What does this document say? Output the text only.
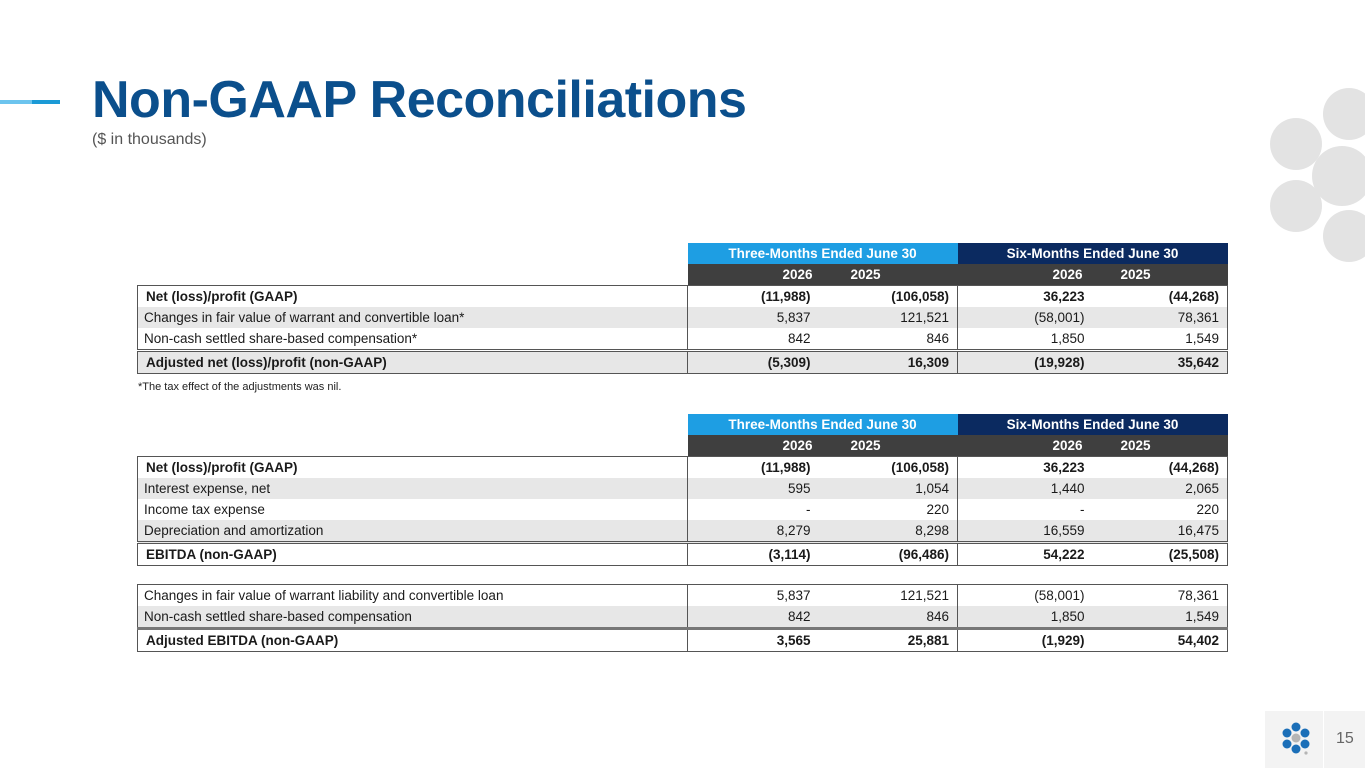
Non-GAAP Reconciliations
($ in thousands)
	Three-Months Ended June 30		Six-Months Ended June 30	
	2026	2025	2026	2025
Net (loss)/profit (GAAP)	(11,988)	(106,058)	36,223	(44,268)
Changes in fair value of warrant and convertible loan*	5,837	121,521	(58,001)	78,361
Non-cash settled share-based compensation*	842	846	1,850	1,549
Adjusted net (loss)/profit (non-GAAP)	(5,309)	16,309	(19,928)	35,642
*The tax effect of the adjustments was nil.
	Three-Months Ended June 30		Six-Months Ended June 30	
	2026	2025	2026	2025
Net (loss)/profit (GAAP)	(11,988)	(106,058)	36,223	(44,268)
Interest expense, net	595	1,054	1,440	2,065
Income tax expense	-	220	-	220
Depreciation and amortization	8,279	8,298	16,559	16,475
EBITDA (non-GAAP)	(3,114)	(96,486)	54,222	(25,508)

Changes in fair value of warrant liability and convertible loan	5,837	121,521	(58,001)	78,361
Non-cash settled share-based compensation	842	846	1,850	1,549
Adjusted EBITDA (non-GAAP)	3,565	25,881	(1,929)	54,402
15
